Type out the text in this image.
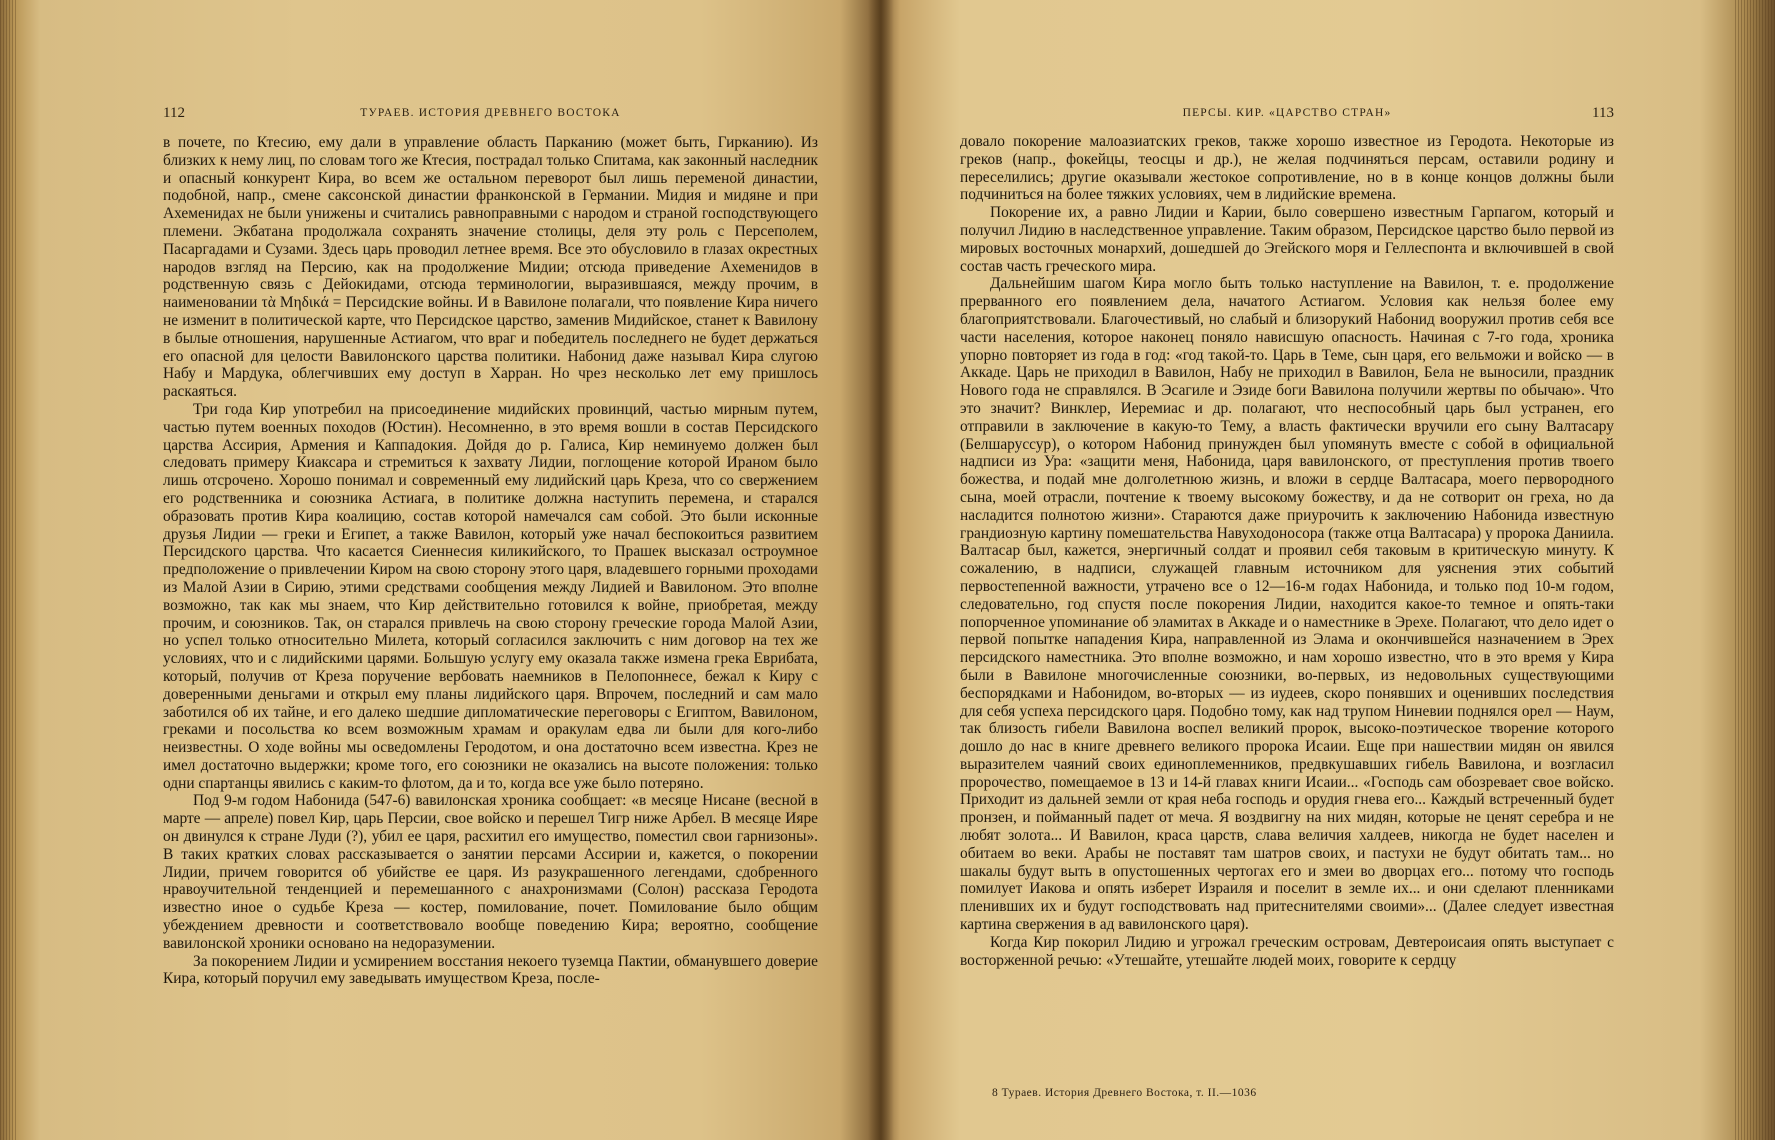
112	ТУРАЕВ. ИСТОРИЯ ДРЕВНЕГО ВОСТОКА

в почете, по Ктесию, ему дали в управление область Парканию (может быть, Гирканию). Из близких к нему лиц, по словам того же Ктесия, пострадал только Спитама, как законный наследник и опасный конкурент Кира, во всем же остальном переворот был лишь переменой династии, подобной, напр., смене саксонской династии франконской в Германии. Мидия и мидяне и при Ахеменидах не были унижены и считались равноправными с народом и страной господствующего племени. Экбатана продолжала сохранять значение столицы, деля эту роль с Персеполем, Пасаргадами и Сузами. Здесь царь проводил летнее время. Все это обусловило в глазах окрестных народов взгляд на Персию, как на продолжение Мидии; отсюда приведение Ахеменидов в родственную связь с Дейокидами, отсюда терминологии, выразившаяся, между прочим, в наименовании τὰ Μηδικά = Персидские войны. И в Вавилоне полагали, что появление Кира ничего не изменит в политической карте, что Персидское царство, заменив Мидийское, станет к Вавилону в былые отношения, нарушенные Астиагом, что враг и победитель последнего не будет держаться его опасной для целости Вавилонского царства политики. Набонид даже называл Кира слугою Набу и Мардука, облегчивших ему доступ в Харран. Но чрез несколько лет ему пришлось раскаяться.

Три года Кир употребил на присоединение мидийских провинций, частью мирным путем, частью путем военных походов (Юстин). Несомненно, в это время вошли в состав Персидского царства Ассирия, Армения и Каппадокия. Дойдя до р. Галиса, Кир неминуемо должен был следовать примеру Киаксара и стремиться к захвату Лидии, поглощение которой Ираном было лишь отсрочено. Хорошо понимал и современный ему лидийский царь Креза, что со свержением его родственника и союзника Астиага, в политике должна наступить перемена, и старался образовать против Кира коалицию, состав которой намечался сам собой. Это были исконные друзья Лидии — греки и Египет, а также Вавилон, который уже начал беспокоиться развитием Персидского царства. Что касается Сиеннесия киликийского, то Прашек высказал остроумное предположение о привлечении Киром на свою сторону этого царя, владевшего горными проходами из Малой Азии в Сирию, этими средствами сообщения между Лидией и Вавилоном. Это вполне возможно, так как мы знаем, что Кир действительно готовился к войне, приобретая, между прочим, и союзников. Так, он старался привлечь на свою сторону греческие города Малой Азии, но успел только относительно Милета, который согласился заключить с ним договор на тех же условиях, что и с лидийскими царями. Большую услугу ему оказала также измена грека Еврибата, который, получив от Креза поручение вербовать наемников в Пелопоннесе, бежал к Киру с доверенными деньгами и открыл ему планы лидийского царя. Впрочем, последний и сам мало заботился об их тайне, и его далеко шедшие дипломатические переговоры с Египтом, Вавилоном, греками и посольства ко всем возможным храмам и оракулам едва ли были для кого-либо неизвестны. О ходе войны мы осведомлены Геродотом, и она достаточно всем известна. Крез не имел достаточно выдержки; кроме того, его союзники не оказались на высоте положения: только одни спартанцы явились с каким-то флотом, да и то, когда все уже было потеряно.

Под 9-м годом Набонида (547-6) вавилонская хроника сообщает: «в месяце Нисане (весной в марте — апреле) повел Кир, царь Персии, свое войско и перешел Тигр ниже Арбел. В месяце Ияре он двинулся к стране Луди (?), убил ее царя, расхитил его имущество, поместил свои гарнизоны». В таких кратких словах рассказывается о занятии персами Ассирии и, кажется, о покорении Лидии, причем говорится об убийстве ее царя. Из разукрашенного легендами, сдобренного нравоучительной тенденцией и перемешанного с анахронизмами (Солон) рассказа Геродота известно иное о судьбе Креза — костер, помилование, почет. Помилование было общим убеждением древности и соответствовало вообще поведению Кира; вероятно, сообщение вавилонской хроники основано на недоразумении.

За покорением Лидии и усмирением восстания некоего туземца Пактии, обманувшего доверие Кира, который поручил ему заведывать имуществом Креза, после-

ПЕРСЫ. КИР. «ЦАРСТВО СТРАН»	113

довало покорение малоазиатских греков, также хорошо известное из Геродота. Некоторые из греков (напр., фокейцы, теосцы и др.), не желая подчиняться персам, оставили родину и переселились; другие оказывали жестокое сопротивление, но в в конце концов должны были подчиниться на более тяжких условиях, чем в лидийские времена.

Покорение их, а равно Лидии и Карии, было совершено известным Гарпагом, который и получил Лидию в наследственное управление. Таким образом, Персидское царство было первой из мировых восточных монархий, дошедшей до Эгейского моря и Геллеспонта и включившей в свой состав часть греческого мира.

Дальнейшим шагом Кира могло быть только наступление на Вавилон, т. е. продолжение прерванного его появлением дела, начатого Астиагом. Условия как нельзя более ему благоприятствовали. Благочестивый, но слабый и близорукий Набонид вооружил против себя все части населения, которое наконец поняло нависшую опасность. Начиная с 7-го года, хроника упорно повторяет из года в год: «год такой-то. Царь в Теме, сын царя, его вельможи и войско — в Аккаде. Царь не приходил в Вавилон, Набу не приходил в Вавилон, Бела не выносили, праздник Нового года не справлялся. В Эсагиле и Эзиде боги Вавилона получили жертвы по обычаю». Что это значит? Винклер, Иеремиас и др. полагают, что неспособный царь был устранен, его отправили в заключение в какую-то Тему, а власть фактически вручили его сыну Валтасару (Белшаруссур), о котором Набонид принужден был упомянуть вместе с собой в официальной надписи из Ура: «защити меня, Набонида, царя вавилонского, от преступления против твоего божества, и подай мне долголетнюю жизнь, и вложи в сердце Валтасара, моего первородного сына, моей отрасли, почтение к твоему высокому божеству, и да не сотворит он греха, но да насладится полнотою жизни». Стараются даже приурочить к заключению Набонида известную грандиозную картину помешательства Навуходоносора (также отца Валтасара) у пророка Даниила. Валтасар был, кажется, энергичный солдат и проявил себя таковым в критическую минуту. К сожалению, в надписи, служащей главным источником для уяснения этих событий первостепенной важности, утрачено все о 12—16-м годах Набонида, и только под 10-м годом, следовательно, год спустя после покорения Лидии, находится какое-то темное и опять-таки попорченное упоминание об эламитах в Аккаде и о наместнике в Эрехе. Полагают, что дело идет о первой попытке нападения Кира, направленной из Элама и окончившейся назначением в Эрех персидского наместника. Это вполне возможно, и нам хорошо известно, что в это время у Кира были в Вавилоне многочисленные союзники, во-первых, из недовольных существующими беспорядками и Набонидом, во-вторых — из иудеев, скоро понявших и оценивших последствия для себя успеха персидского царя. Подобно тому, как над трупом Ниневии поднялся орел — Наум, так близость гибели Вавилона воспел великий пророк, высоко-поэтическое творение которого дошло до нас в книге древнего великого пророка Исаии. Еще при нашествии мидян он явился выразителем чаяний своих единоплеменников, предвкушавших гибель Вавилона, и возгласил пророчество, помещаемое в 13 и 14-й главах книги Исаии... «Господь сам обозревает свое войско. Приходит из дальней земли от края неба господь и орудия гнева его... Каждый встреченный будет пронзен, и пойманный падет от меча. Я воздвигну на них мидян, которые не ценят серебра и не любят золота... И Вавилон, краса царств, слава величия халдеев, никогда не будет населен и обитаем во веки. Арабы не поставят там шатров своих, и пастухи не будут обитать там... но шакалы будут выть в опустошенных чертогах его и змеи во дворцах его... потому что господь помилует Иакова и опять изберет Израиля и поселит в земле их... и они сделают пленниками пленивших их и будут господствовать над притеснителями своими»... (Далее следует известная картина свержения в ад вавилонского царя).

Когда Кир покорил Лидию и угрожал греческим островам, Девтероисаия опять выступает с восторженной речью: «Утешайте, утешайте людей моих, говорите к сердцу

8 Тураев. История Древнего Востока, т. II.—1036
